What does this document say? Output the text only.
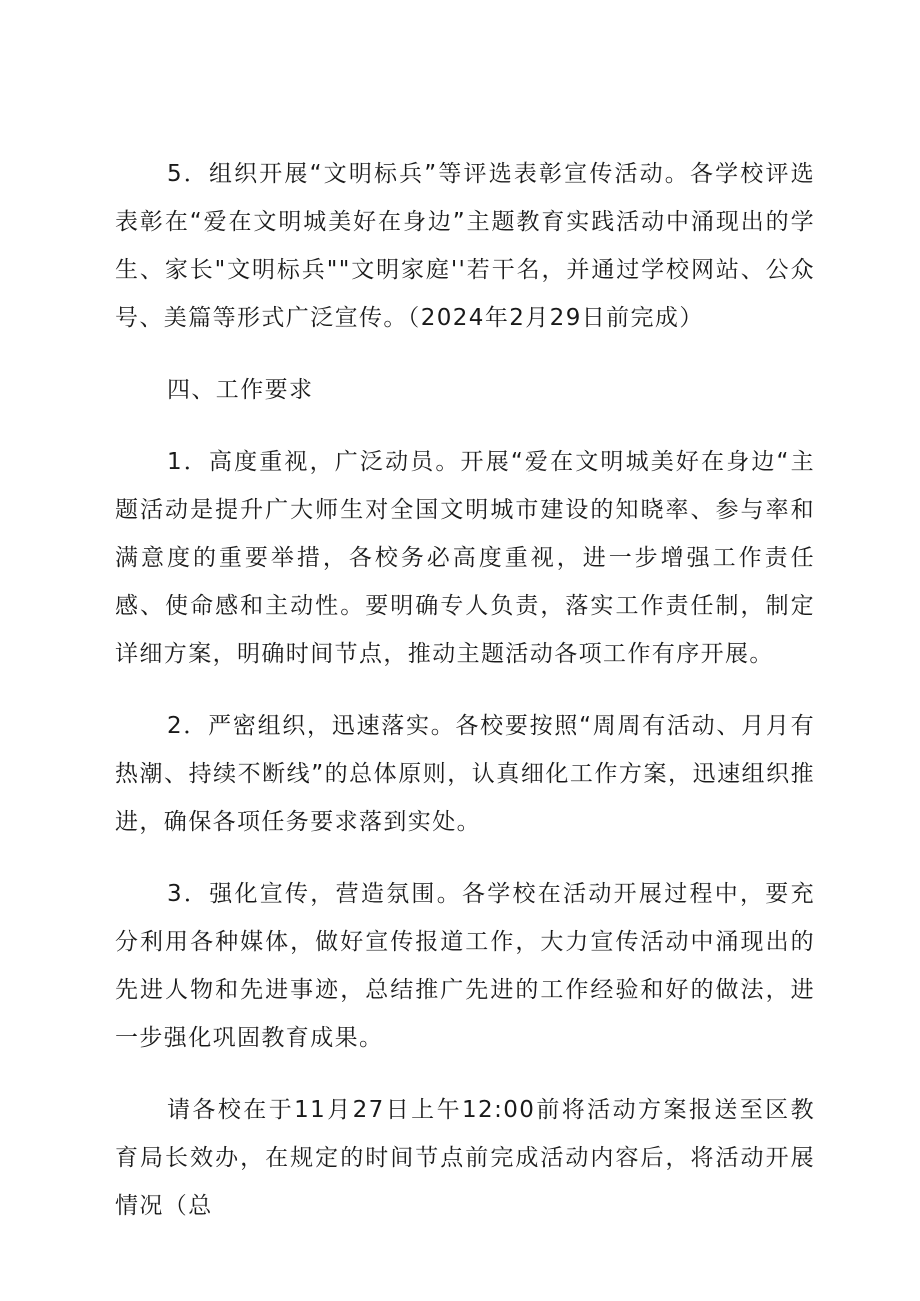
5．组织开展“文明标兵”等评选表彰宣传活动。各学校评选表彰在“爱在文明城美好在身边”主题教育实践活动中涌现出的学生、家长"文明标兵""文明家庭''若干名，并通过学校网站、公众号、美篇等形式广泛宣传。（2024年2月29日前完成）

四、工作要求

1．高度重视，广泛动员。开展“爱在文明城美好在身边“主题活动是提升广大师生对全国文明城市建设的知晓率、参与率和满意度的重要举措，各校务必高度重视，进一步增强工作责任感、使命感和主动性。要明确专人负责，落实工作责任制，制定详细方案，明确时间节点，推动主题活动各项工作有序开展。

2．严密组织，迅速落实。各校要按照“周周有活动、月月有热潮、持续不断线”的总体原则，认真细化工作方案，迅速组织推进，确保各项任务要求落到实处。

3．强化宣传，营造氛围。各学校在活动开展过程中，要充分利用各种媒体，做好宣传报道工作，大力宣传活动中涌现出的先进人物和先进事迹，总结推广先进的工作经验和好的做法，进一步强化巩固教育成果。

请各校在于11月27日上午12:00前将活动方案报送至区教育局长效办，在规定的时间节点前完成活动内容后，将活动开展情况（总
